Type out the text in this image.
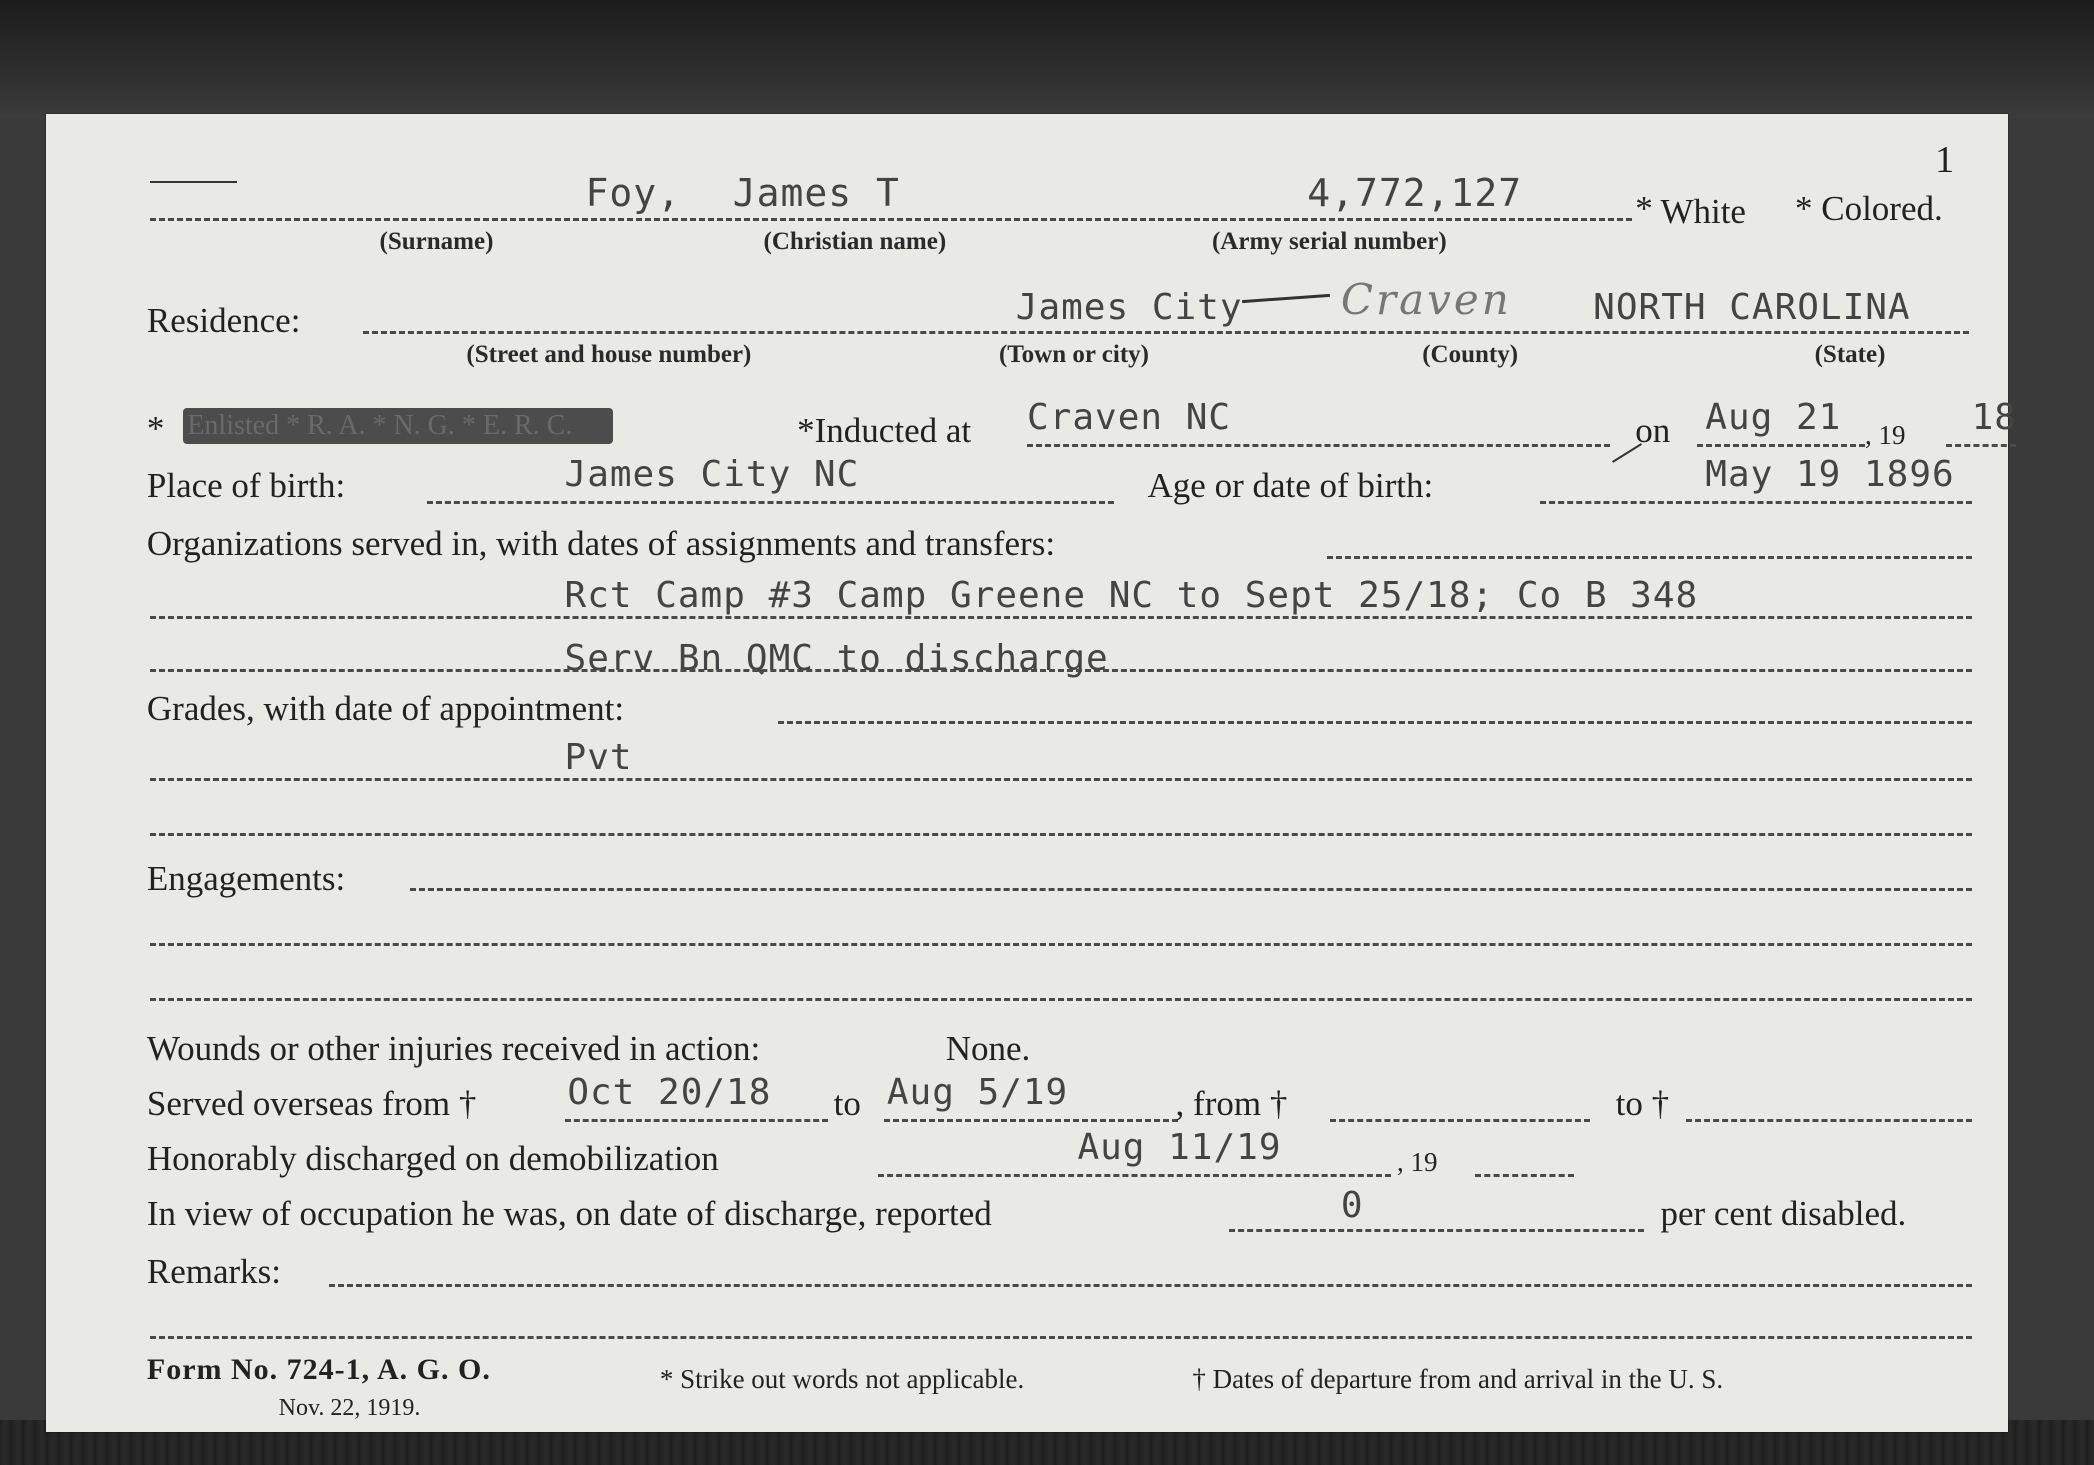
1
Foy, James T	4,772,127	* White * Colored.
(Surname)	(Christian name)	(Army serial number)
Residence:	James City Craven NORTH CAROLINA
(Street and house number)	(Town or city)	(County)	(State)
* Enlisted * R. A. * N. G. * E. R. C.	*Inducted at Craven NC	on Aug 21 , 19 18
Place of birth:	James City NC	Age or date of birth:	May 19 1896
Organizations served in, with dates of assignments and transfers:
Rct Camp #3 Camp Greene NC to Sept 25/18; Co B 348
Serv Bn QMC to discharge
Grades, with date of appointment:
Pvt
Engagements:
Wounds or other injuries received in action:	None.
Served overseas from †	Oct 20/18 to Aug 5/19	, from †	to †
Honorably discharged on demobilization	Aug 11/19	, 19
In view of occupation he was, on date of discharge, reported	0	per cent disabled.
Remarks:
Form No. 724-1, A. G. O.
Nov. 22, 1919.
* Strike out words not applicable.	† Dates of departure from and arrival in the U. S.
